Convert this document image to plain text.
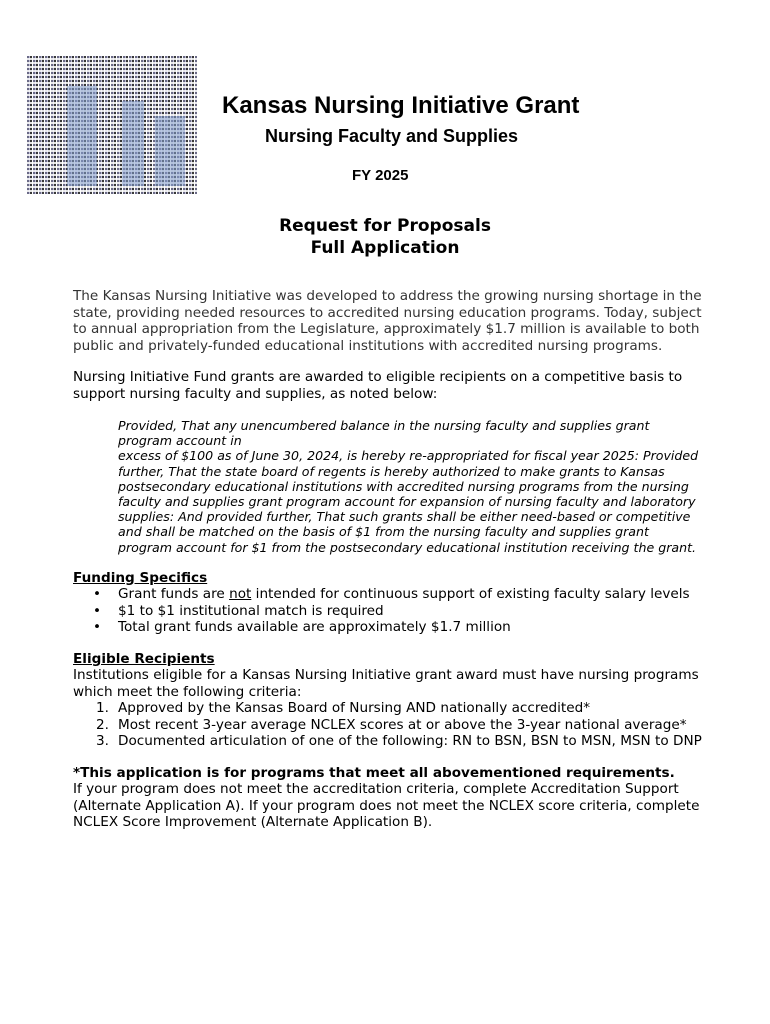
Kansas Nursing Initiative Grant
Nursing Faculty and Supplies
FY 2025
Request for Proposals
Full Application

The Kansas Nursing Initiative was developed to address the growing nursing shortage in the state, providing needed resources to accredited nursing education programs. Today, subject to annual appropriation from the Legislature, approximately $1.7 million is available to both public and privately-funded educational institutions with accredited nursing programs.

Nursing Initiative Fund grants are awarded to eligible recipients on a competitive basis to support nursing faculty and supplies, as noted below:

Provided, That any unencumbered balance in the nursing faculty and supplies grant program account in
excess of $100 as of June 30, 2024, is hereby re-appropriated for fiscal year 2025: Provided further, That the state board of regents is hereby authorized to make grants to Kansas postsecondary educational institutions with accredited nursing programs from the nursing faculty and supplies grant program account for expansion of nursing faculty and laboratory supplies: And provided further, That such grants shall be either need-based or competitive and shall be matched on the basis of $1 from the nursing faculty and supplies grant program account for $1 from the postsecondary educational institution receiving the grant.

Funding Specifics

• Grant funds are not intended for continuous support of existing faculty salary levels
• $1 to $1 institutional match is required
• Total grant funds available are approximately $1.7 million

Eligible Recipients

Institutions eligible for a Kansas Nursing Initiative grant award must have nursing programs which meet the following criteria:

1. Approved by the Kansas Board of Nursing AND nationally accredited*
2. Most recent 3-year average NCLEX scores at or above the 3-year national average*
3. Documented articulation of one of the following: RN to BSN, BSN to MSN, MSN to DNP

*This application is for programs that meet all abovementioned requirements.

If your program does not meet the accreditation criteria, complete Accreditation Support (Alternate Application A). If your program does not meet the NCLEX score criteria, complete NCLEX Score Improvement (Alternate Application B).
